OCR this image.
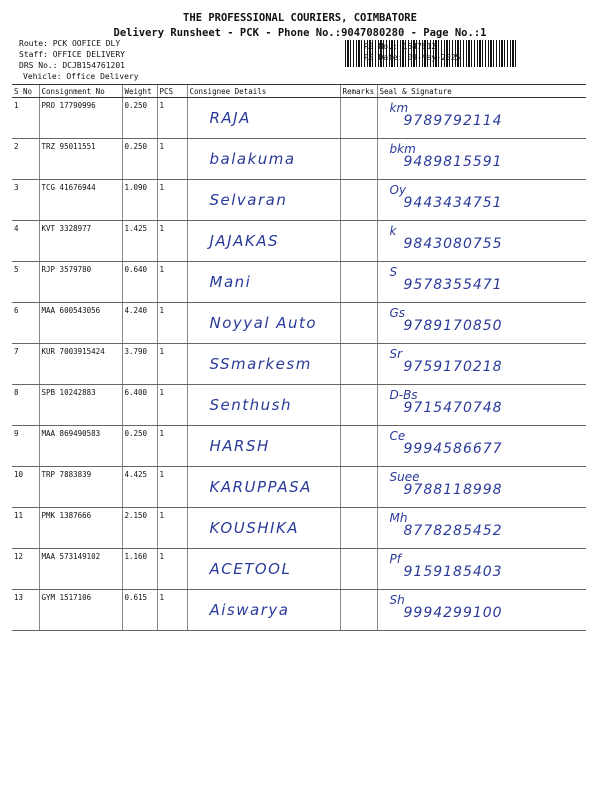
THE PROFESSIONAL COURIERS, COIMBATORE
Delivery Runsheet - PCK - Phone No.:9047080280 - Page No.:1
Route: PCK OOFICE DLY
Staff: OFFICE DELIVERY
DRS No.: DCJB154761201
Vehicle: Office Delivery
RS No.: 1547612
RS Date: 09-May-2025
S No	Consignment No	Weight	PCS	Consignee Details	Remarks	Seal & Signature
1	PRO 17790996	0.250	1	RAJA		km
9789792114

2	TRZ 95011551	0.250	1	balakuma		bkm
9489815591

3	TCG 41676944	1.090	1	Selvaran		Oy
9443434751

4	KVT 3328977	1.425	1	JAJAKAS		k
9843080755

5	RJP 3579780	0.640	1	Mani		S
9578355471

6	MAA 600543056	4.240	1	Noyyal Auto		Gs
9789170850

7	KUR 7003915424	3.790	1	SSmarkesm		Sr
9759170218

8	SPB 10242883	6.400	1	Senthush		D-Bs
9715470748

9	MAA 869490583	0.250	1	HARSH		Ce
9994586677

10	TRP 7883839	4.425	1	KARUPPASA		Suee
9788118998

11	PMK 1387666	2.150	1	KOUSHIKA		Mh
8778285452

12	MAA 573149102	1.160	1	ACETOOL		Pf
9159185403

13	GYM 1517106	0.615	1	Aiswarya		Sh
9994299100
